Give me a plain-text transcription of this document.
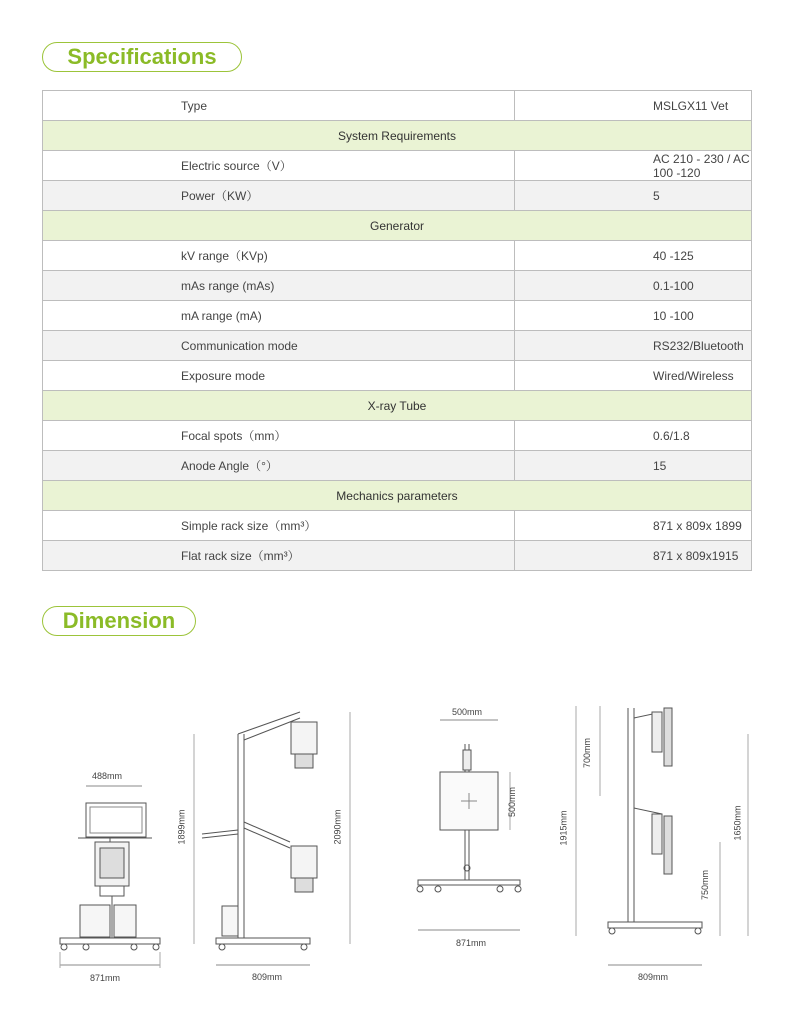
Specifications
Type	MSLGX11 Vet
System Requirements	
Electric source（V）	AC 210 - 230 / AC 100 -120
Power（KW）	5
Generator	
kV range（KVp)	40 -125
mAs range (mAs)	0.1-100
mA range (mA)	10 -100
Communication mode	RS232/Bluetooth
Exposure mode	Wired/Wireless
X-ray Tube	
Focal spots（mm）	0.6/1.8
Anode Angle（°）	15
Mechanics parameters	
Simple rack size（mm³）	871 x 809x 1899
Flat rack size（mm³）	871 x 809x1915
Dimension
488mm
871mm
1899mm	2090mm
809mm
500mm
500mm
871mm
1915mm
700mm
750mm
1650mm
809mm
